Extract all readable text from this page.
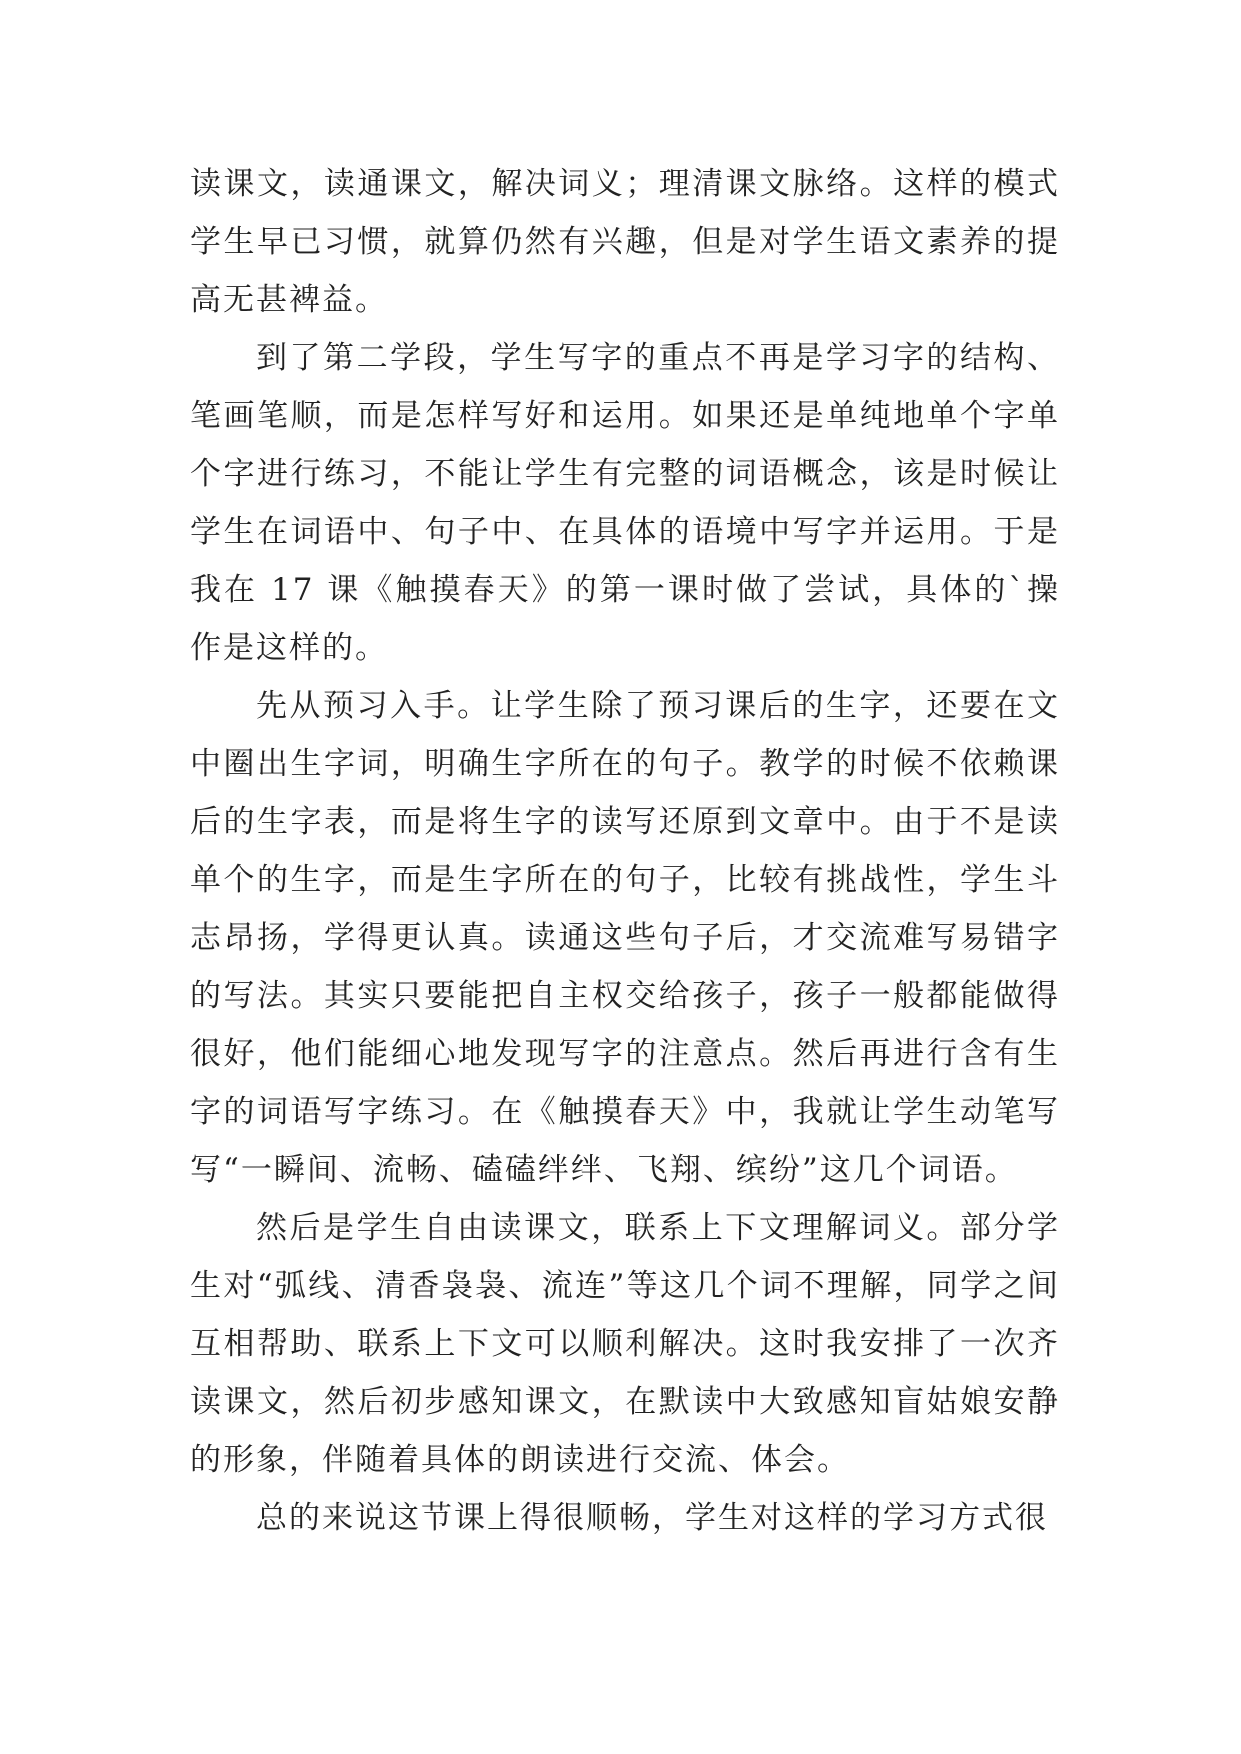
读课文，读通课文，解决词义；理清课文脉络。这样的模式学生早已习惯，就算仍然有兴趣，但是对学生语文素养的提高无甚裨益。

到了第二学段，学生写字的重点不再是学习字的结构、笔画笔顺，而是怎样写好和运用。如果还是单纯地单个字单个字进行练习，不能让学生有完整的词语概念，该是时候让学生在词语中、句子中、在具体的语境中写字并运用。于是我在 17 课《触摸春天》的第一课时做了尝试，具体的`操作是这样的。

先从预习入手。让学生除了预习课后的生字，还要在文中圈出生字词，明确生字所在的句子。教学的时候不依赖课后的生字表，而是将生字的读写还原到文章中。由于不是读单个的生字，而是生字所在的句子，比较有挑战性，学生斗志昂扬，学得更认真。读通这些句子后，才交流难写易错字的写法。其实只要能把自主权交给孩子，孩子一般都能做得很好，他们能细心地发现写字的注意点。然后再进行含有生字的词语写字练习。在《触摸春天》中，我就让学生动笔写写“一瞬间、流畅、磕磕绊绊、飞翔、缤纷”这几个词语。

然后是学生自由读课文，联系上下文理解词义。部分学生对“弧线、清香袅袅、流连”等这几个词不理解，同学之间互相帮助、联系上下文可以顺利解决。这时我安排了一次齐读课文，然后初步感知课文，在默读中大致感知盲姑娘安静的形象，伴随着具体的朗读进行交流、体会。

总的来说这节课上得很顺畅，学生对这样的学习方式很
